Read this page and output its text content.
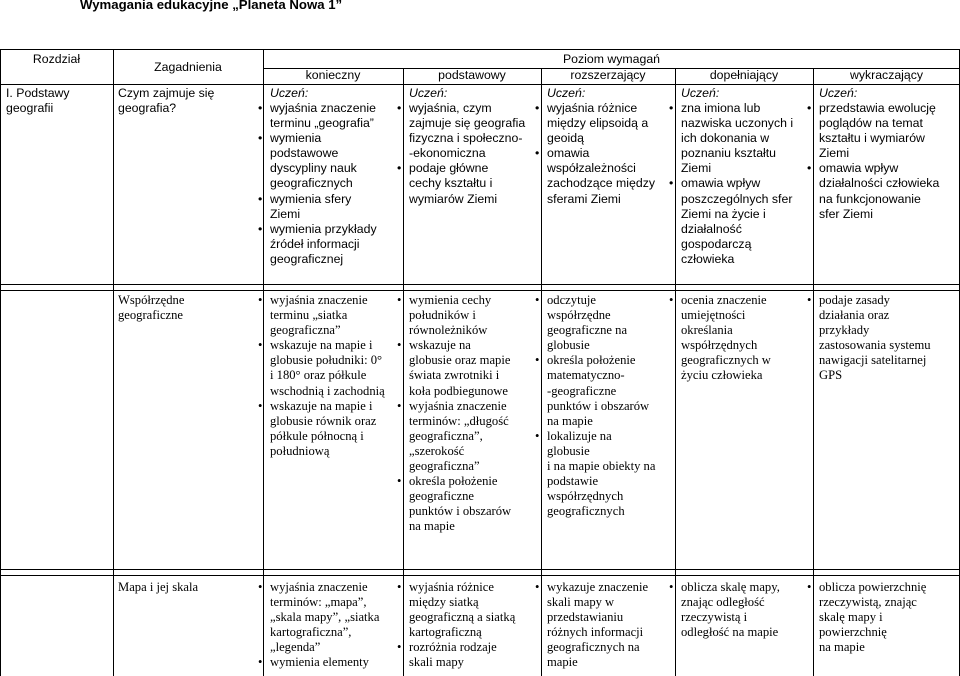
Wymagania edukacyjne „Planeta Nowa 1”
Rozdział
Zagadnienia
Poziom wymagań
konieczny	podstawowy	rozszerzający	dopełniający	wykraczający
I. Podstawy
geografii
Czym zajmuje się
geografia?
Uczeń:
• wyjaśnia znaczenie
terminu „geografia”
• wymienia
podstawowe
dyscypliny nauk
geograficznych
• wymienia sfery
Ziemi
• wymienia przykłady
źródeł informacji
geograficznej
Uczeń:
• wyjaśnia, czym
zajmuje się geografia
fizyczna i społeczno-
-ekonomiczna
• podaje główne
cechy kształtu i
wymiarów Ziemi
Uczeń:
• wyjaśnia różnice
między elipsoidą a
geoidą
• omawia
współzależności
zachodzące między
sferami Ziemi
Uczeń:
• zna imiona lub
nazwiska uczonych i
ich dokonania w
poznaniu kształtu
Ziemi
• omawia wpływ
poszczególnych sfer
Ziemi na życie i
działalność
gospodarczą
człowieka
Uczeń:
• przedstawia ewolucję
poglądów na temat
kształtu i wymiarów
Ziemi
• omawia wpływ
działalności człowieka
na funkcjonowanie
sfer Ziemi
Współrzędne
geograficzne
• wyjaśnia znaczenie
terminu „siatka
geograficzna”
• wskazuje na mapie i
globusie południki: 0°
i 180° oraz półkule
wschodnią i zachodnią
• wskazuje na mapie i
globusie równik oraz
półkule północną i
południową
• wymienia cechy
południków i
równoleżników
• wskazuje na
globusie oraz mapie
świata zwrotniki i
koła podbiegunowe
• wyjaśnia znaczenie
terminów: „długość
geograficzna”,
„szerokość
geograficzna”
• określa położenie
geograficzne
punktów i obszarów
na mapie
• odczytuje
współrzędne
geograficzne na
globusie
• określa położenie
matematyczno-
-geograficzne
punktów i obszarów
na mapie
• lokalizuje na
globusie
i na mapie obiekty na
podstawie
współrzędnych
geograficznych
• ocenia znaczenie
umiejętności
określania
współrzędnych
geograficznych w
życiu człowieka
• podaje zasady
działania oraz
przykłady
zastosowania systemu
nawigacji satelitarnej
GPS
Mapa i jej skala
•	wyjaśnia znaczenie
terminów: „mapa”,
„skala mapy”, „siatka
kartograficzna”,
„legenda”
• wymienia elementy
• wyjaśnia różnice
między siatką
geograficzną a siatką
kartograficzną
• rozróżnia rodzaje
skali mapy
• wykazuje znaczenie
skali mapy w
przedstawianiu
różnych informacji
geograficznych na
mapie
• oblicza skalę mapy,
znając odległość
rzeczywistą i
odległość na mapie
• oblicza powierzchnię
rzeczywistą, znając
skalę mapy i
powierzchnię
na mapie
